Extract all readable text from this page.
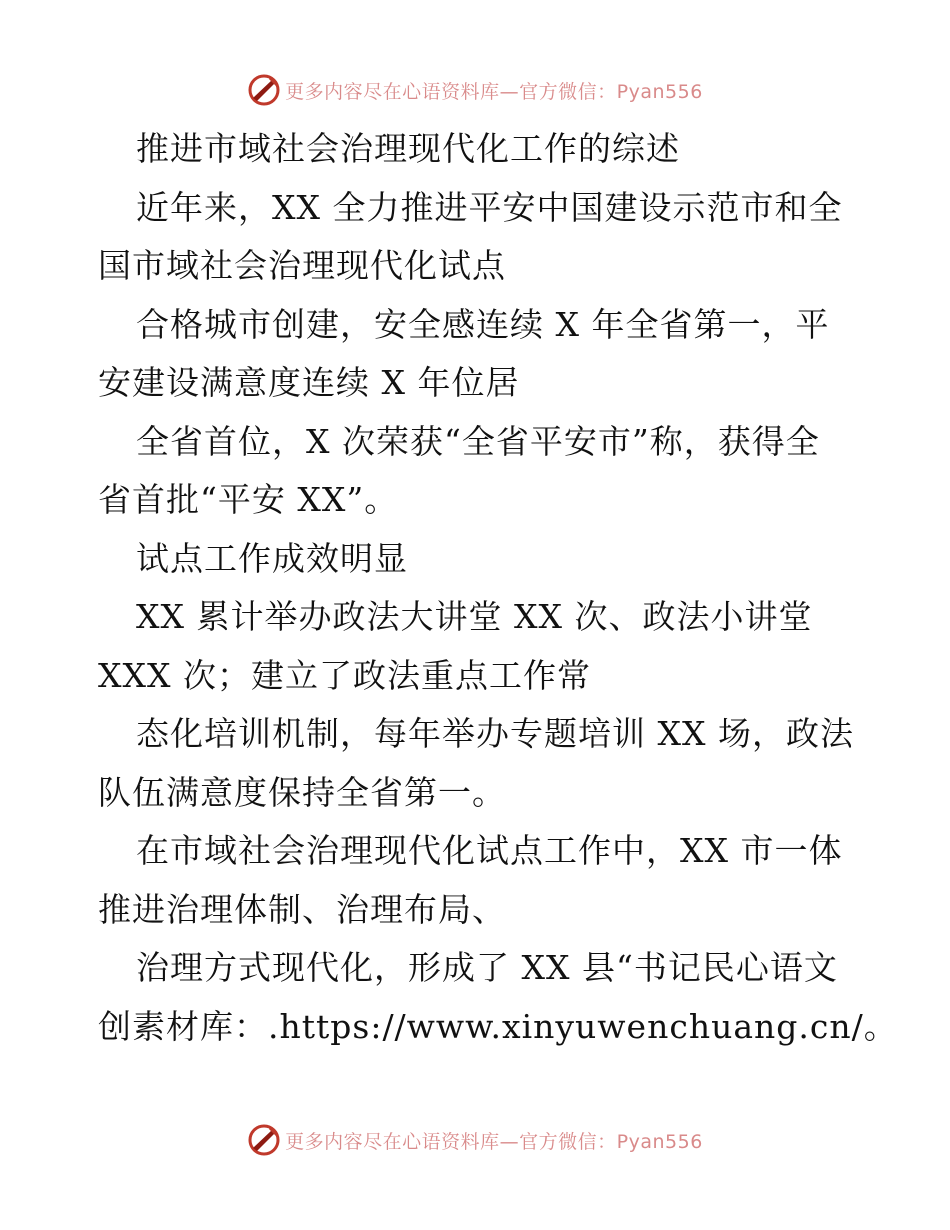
更多内容尽在心语资料库—官方微信：Pyan556
推进市域社会治理现代化工作的综述
近年来，XX 全力推进平安中国建设示范市和全
国市域社会治理现代化试点
合格城市创建，安全感连续 X 年全省第一，平
安建设满意度连续 X 年位居
全省首位，X 次荣获“全省平安市”称，获得全
省首批“平安 XX”。
试点工作成效明显
XX 累计举办政法大讲堂 XX 次、政法小讲堂
XXX 次；建立了政法重点工作常
态化培训机制，每年举办专题培训 XX 场，政法
队伍满意度保持全省第一。
在市域社会治理现代化试点工作中，XX 市一体
推进治理体制、治理布局、
治理方式现代化，形成了 XX 县“书记民心语文
创素材库：.https://www.xinyuwenchuang.cn/。
更多内容尽在心语资料库—官方微信：Pyan556
